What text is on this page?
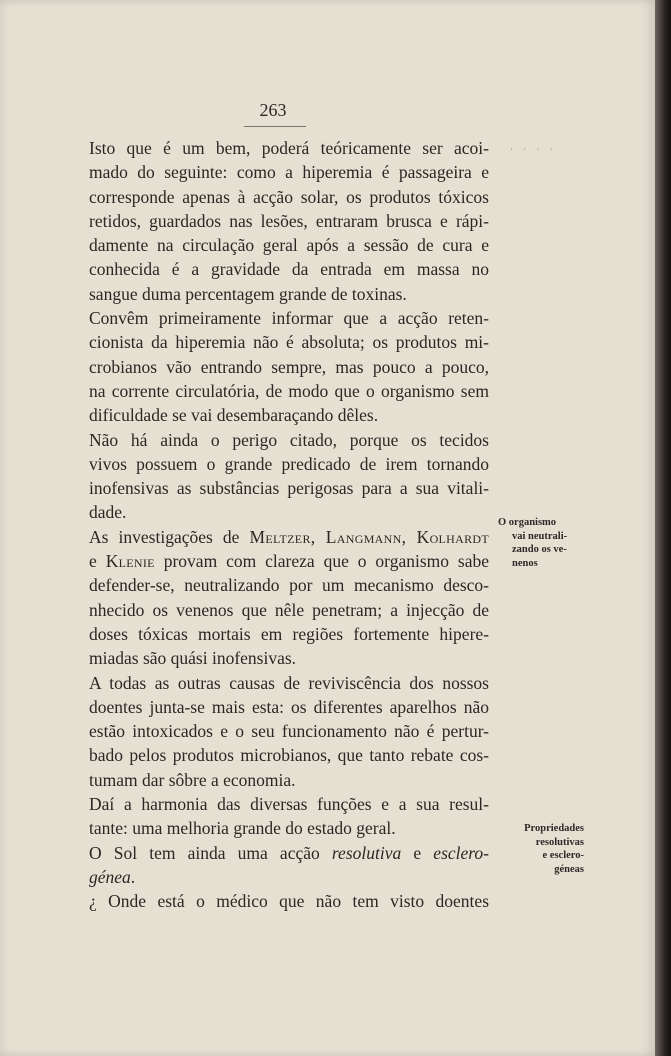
263
· · · ·
Isto que é um bem, poderá teóricamente ser acoi-
mado do seguinte: como a hiperemia é passageira e
corresponde apenas à acção solar, os produtos tóxicos
retidos, guardados nas lesões, entraram brusca e rápi-
damente na circulação geral após a sessão de cura e
conhecida é a gravidade da entrada em massa no
sangue duma percentagem grande de toxinas.
Convêm primeiramente informar que a acção reten-
cionista da hiperemia não é absoluta; os produtos mi-
crobianos vão entrando sempre, mas pouco a pouco,
na corrente circulatória, de modo que o organismo sem
dificuldade se vai desembaraçando dêles.
Não há ainda o perigo citado, porque os tecidos
vivos possuem o grande predicado de irem tornando
inofensivas as substâncias perigosas para a sua vitali-
dade.
As investigações de Meltzer, Langmann, Kolhardt
e Klenie provam com clareza que o organismo sabe
defender-se, neutralizando por um mecanismo desco-
nhecido os venenos que nêle penetram; a injecção de
doses tóxicas mortais em regiões fortemente hipere-
miadas são quási inofensivas.
A todas as outras causas de reviviscência dos nossos
doentes junta-se mais esta: os diferentes aparelhos não
estão intoxicados e o seu funcionamento não é pertur-
bado pelos produtos microbianos, que tanto rebate cos-
tumam dar sôbre a economia.
Daí a harmonia das diversas funções e a sua resul-
tante: uma melhoria grande do estado geral.
O Sol tem ainda uma acção resolutiva e esclero-
génea.
¿ Onde está o médico que não tem visto doentes
O organismo
vai neutrali-
zando os ve-
nenos
Propriedades
resolutivas
e esclero-
géneas
